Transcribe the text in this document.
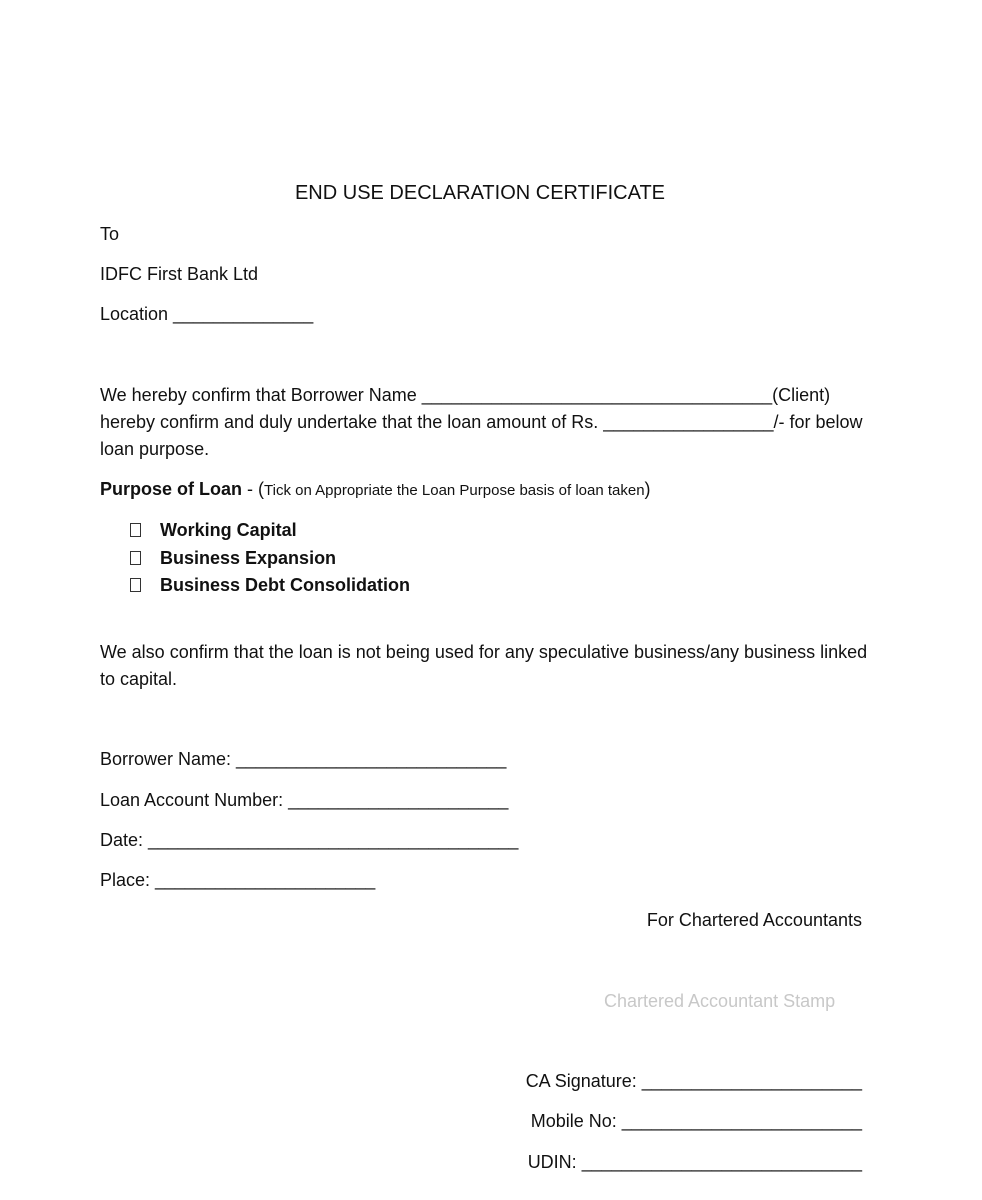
END USE DECLARATION CERTIFICATE
To
IDFC First Bank Ltd
Location ______________
We hereby confirm that Borrower Name ___________________________________(Client) hereby confirm and duly undertake that the loan amount of Rs. _________________/- for below loan purpose.
Purpose of Loan - (Tick on Appropriate the Loan Purpose basis of loan taken)
Working Capital
Business Expansion
Business Debt Consolidation
We also confirm that the loan is not being used for any speculative business/any business linked to capital.
Borrower Name: ___________________________
Loan Account Number: ______________________
Date: _____________________________________
Place: ______________________
For Chartered Accountants
Chartered Accountant Stamp
CA Signature: ______________________
Mobile No: ________________________
UDIN: ____________________________
